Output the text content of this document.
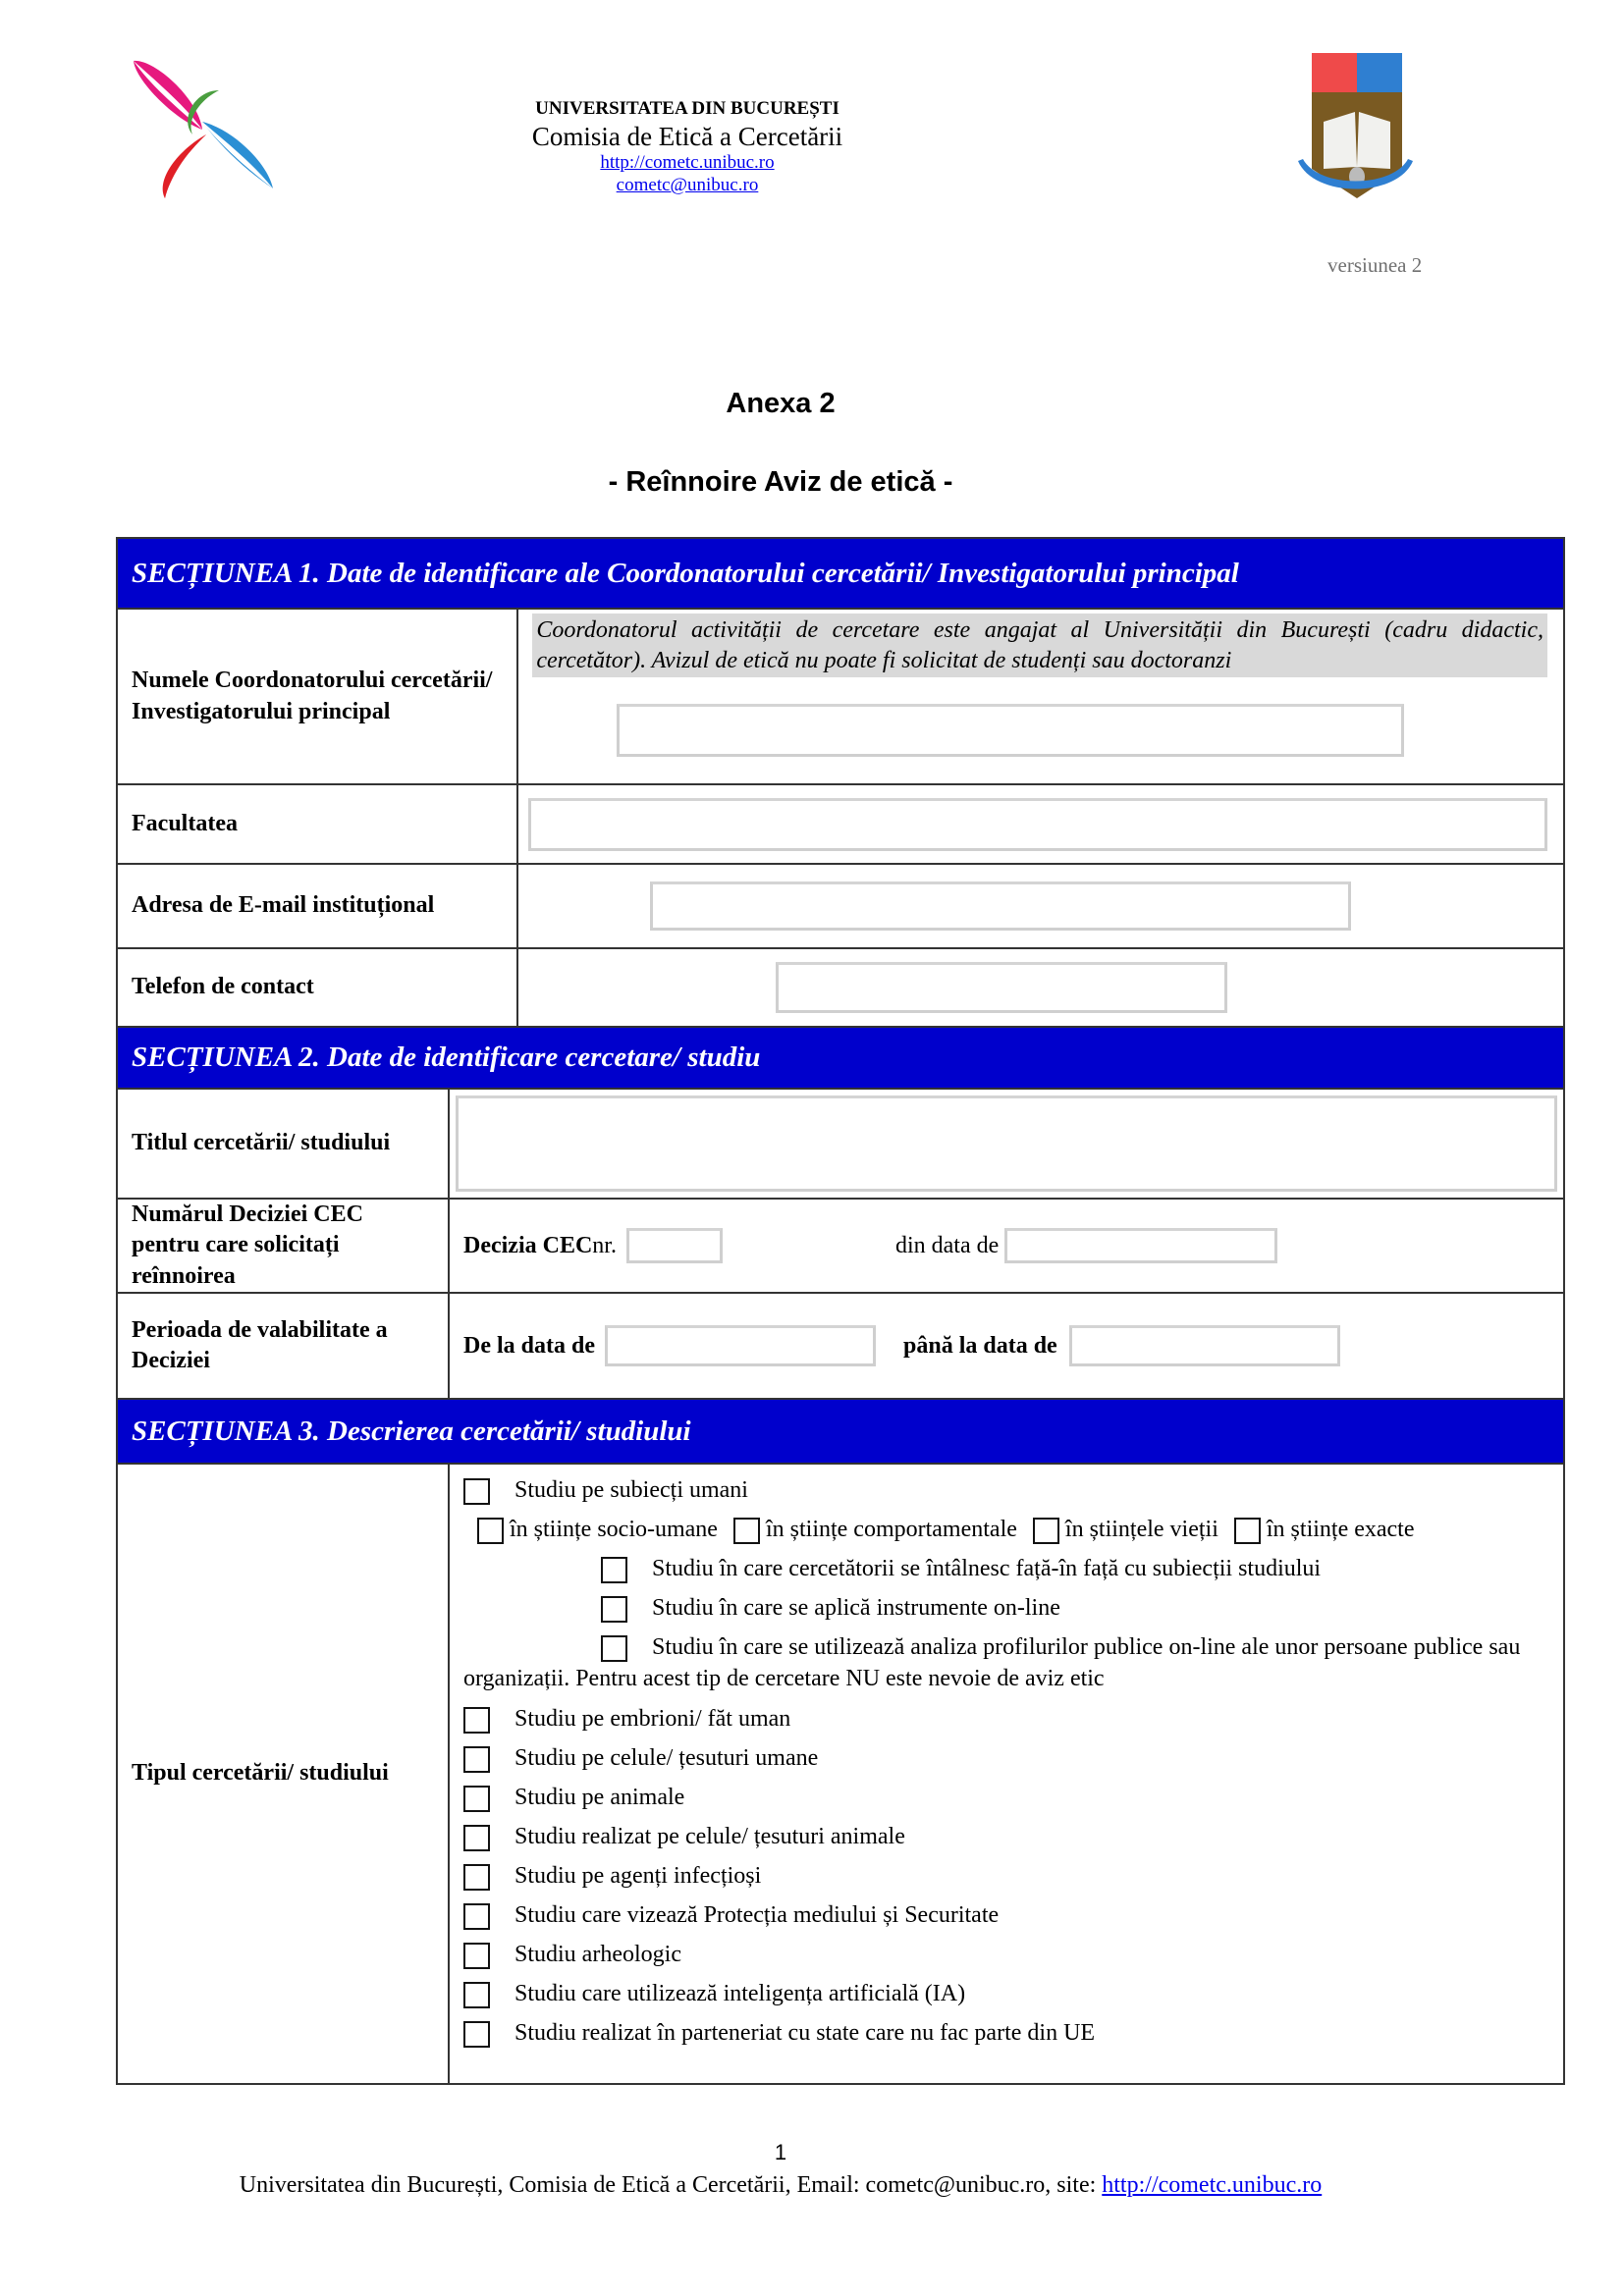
UNIVERSITATEA DIN BUCUREȘTI
Comisia de Etică a Cercetării
http://cometc.unibuc.ro
cometc@unibuc.ro
versiunea 2
Anexa 2
- Reînnoire Aviz de etică -
SECȚIUNEA 1. Date de identificare ale Coordonatorului cercetării/ Investigatorului principal		
Numele Coordonatorului cercetării/ Investigatorului principal		Coordonatorul activității de cercetare este angajat al Universității din București (cadru didactic, cercetător). Avizul de etică nu poate fi solicitat de studenți sau doctoranzi

Facultatea		
Adresa de E-mail instituțional		
Telefon de contact		
SECȚIUNEA 2. Date de identificare cercetare/ studiu		
Titlul cercetării/ studiului		

Numărul Deciziei CEC pentru care solicitați reînnoirea	Decizia CEC nr. din data de	

Perioada de valabilitate a Deciziei	De la data de până la data de	

SECȚIUNEA 3. Descrierea cercetării/ studiului		
Tipul cercetării/ studiului	
Studiu pe subiecți umani
în științe socio-umane în științe comportamentale în științele vieții în științe exacte
Studiu în care cercetătorii se întâlnesc față-în față cu subiecții studiului
Studiu în care se aplică instrumente on-line
Studiu în care se utilizează analiza profilurilor publice on-line ale unor persoane publice sau organizații. Pentru acest tip de cercetare NU este nevoie de aviz etic
Studiu pe embrioni/ făt uman
Studiu pe celule/ țesuturi umane
Studiu pe animale
Studiu realizat pe celule/ țesuturi animale
Studiu pe agenți infecțioși
Studiu care vizează Protecția mediului și Securitate
Studiu arheologic
Studiu care utilizează inteligența artificială (IA)
Studiu realizat în parteneriat cu state care nu fac parte din UE
1
Universitatea din București, Comisia de Etică a Cercetării, Email: cometc@unibuc.ro, site: http://cometc.unibuc.ro
